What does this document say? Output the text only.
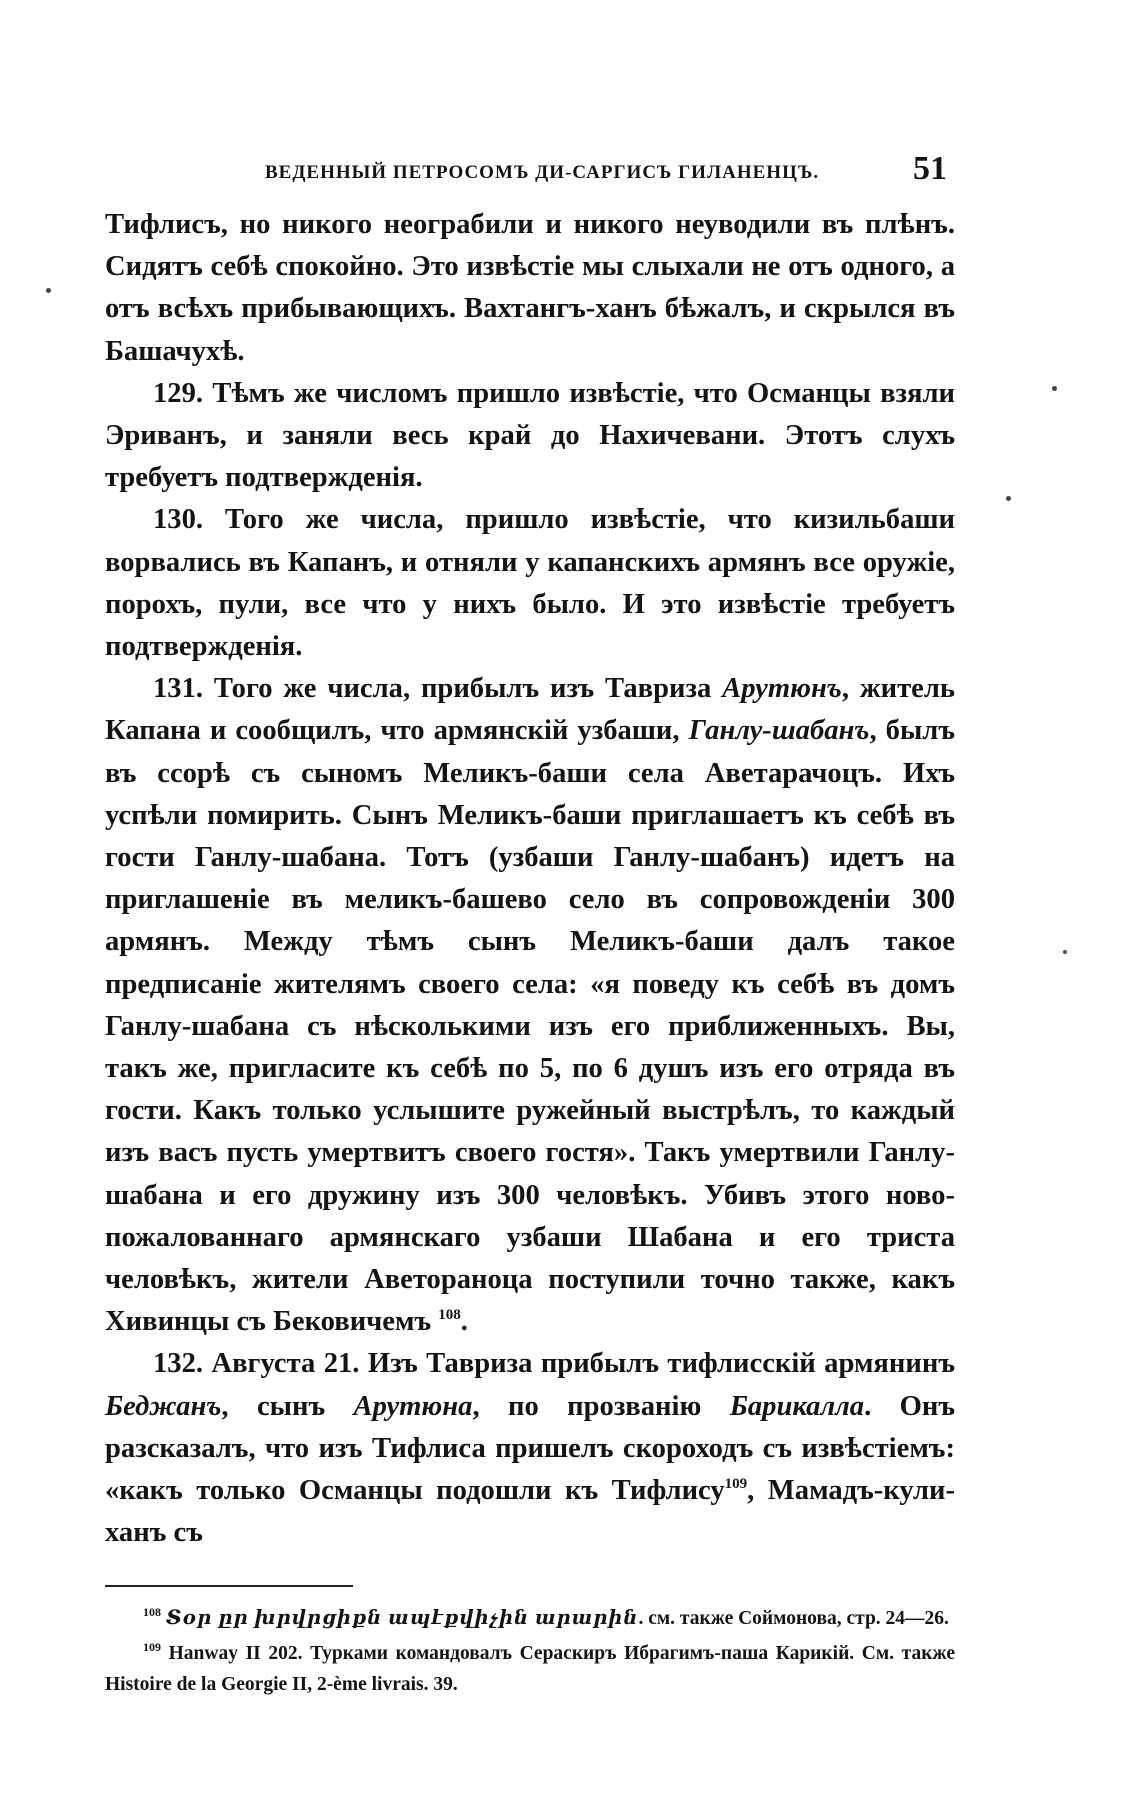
ВЕДЕННЫЙ ПЕТРОСОМЪ ДИ-САРГИСЪ ГИЛАНЕНЦЪ.	51

Тифлисъ, но никого неограбили и никого неуводили въ плѣнъ. Сидятъ себѣ спокойно. Это извѣстіе мы слыхали не отъ одного, а отъ всѣхъ прибывающихъ. Вахтангъ-ханъ бѣжалъ, и скрылся въ Башачухѣ.

129. Тѣмъ же числомъ пришло извѣстіе, что Османцы взяли Эриванъ, и заняли весь край до Нахичевани. Этотъ слухъ требуетъ подтвержденія.

130. Того же числа, пришло извѣстіе, что кизильбаши ворвались въ Капанъ, и отняли у капанскихъ армянъ все оружіе, порохъ, пули, все что у нихъ было. И это извѣстіе требуетъ подтвержденія.

131. Того же числа, прибылъ изъ Тавриза Арутюнъ, житель Капана и сообщилъ, что армянскій узбаши, Ганлу-шабанъ, былъ въ ссорѣ съ сыномъ Меликъ-баши села Аветарачоцъ. Ихъ успѣли помирить. Сынъ Меликъ-баши приглашаетъ къ себѣ въ гости Ганлу-шабана. Тотъ (узбаши Ганлу-шабанъ) идетъ на приглашеніе въ меликъ-башево село въ сопровожденіи 300 армянъ. Между тѣмъ сынъ Меликъ-баши далъ такое предписаніе жителямъ своего села: «я поведу къ себѣ въ домъ Ганлу-шабана съ нѣсколькими изъ его приближенныхъ. Вы, такъ же, пригласите къ себѣ по 5, по 6 душъ изъ его отряда въ гости. Какъ только услышите ружейный выстрѣлъ, то каждый изъ васъ пусть умертвитъ своего гостя». Такъ умертвили Ганлу-шабана и его дружину изъ 300 человѣкъ. Убивъ этого ново-пожалованнаго армянскаго узбаши Шабана и его триста человѣкъ, жители Аветораноца поступили точно также, какъ Хивинцы съ Бековичемъ $^{108}$.

132. Августа 21. Изъ Тавриза прибылъ тифлисскій армянинъ Беджанъ, сынъ Арутюна, по прозванію Барикалла. Онъ разсказалъ, что изъ Тифлиса пришелъ скороходъ съ извѣстіемъ: «какъ только Османцы подошли къ Тифлису$^{109}$, Мамадъ-кули-ханъ съ

$^{108}$ Տօր ըր խրվրցիքն ապէքվիչին արարին. см. также Соймонова, стр. 24—26.

$^{109}$ Hanway II 202. Турками командовалъ Сераскиръ Ибрагимъ-паша Карикій. См. также Histoire de la Georgie II, 2-ème livrais. 39.
